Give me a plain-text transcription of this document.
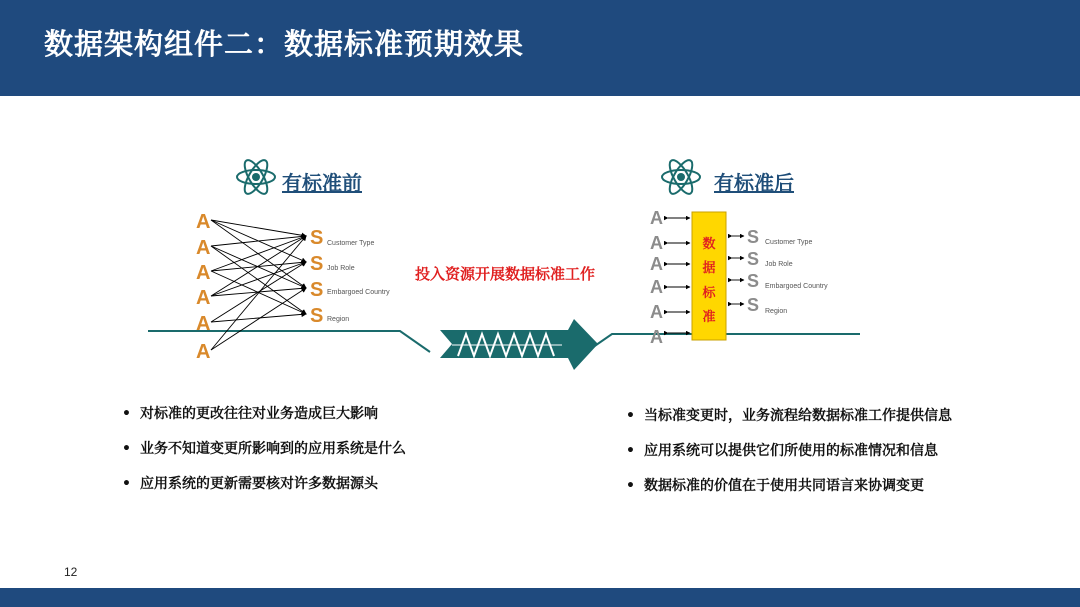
数据架构组件二：数据标准预期效果
有标准前
A
A
A
A
A
A
S
S
S
S
Customer Type
Job Role
Embargoed Country
Region
投入资源开展数据标准工作
有标准后
A
A
A
A
A
A
数
据
标
准
S
S
S
S
Customer Type
Job Role
Embargoed Country
Region
• 对标准的更改往往对业务造成巨大影响
• 业务不知道变更所影响到的应用系统是什么
• 应用系统的更新需要核对许多数据源头
• 当标准变更时，业务流程给数据标准工作提供信息
• 应用系统可以提供它们所使用的标准情况和信息
• 数据标准的价值在于使用共同语言来协调变更
12
